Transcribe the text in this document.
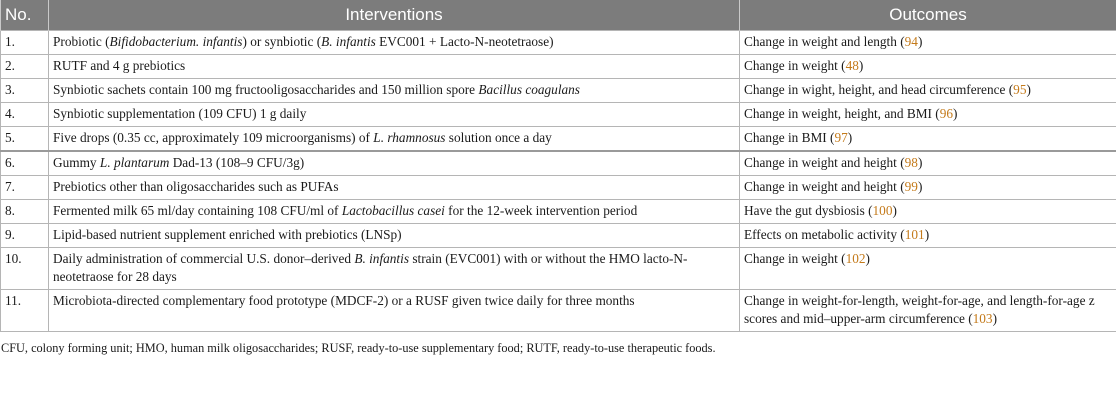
No.	Interventions	Outcomes
1.	Probiotic (Bifidobacterium. infantis) or synbiotic (B. infantis EVC001 + Lacto-N-neotetraose)	Change in weight and length (94)
2.	RUTF and 4 g prebiotics	Change in weight (48)
3.	Synbiotic sachets contain 100 mg fructooligosaccharides and 150 million spore Bacillus coagulans	Change in wight, height, and head circumference (95)
4.	Synbiotic supplementation (109 CFU) 1 g daily	Change in weight, height, and BMI (96)
5.	Five drops (0.35 cc, approximately 109 microorganisms) of L. rhamnosus solution once a day	Change in BMI (97)
6.	Gummy L. plantarum Dad-13 (108–9 CFU/3g)	Change in weight and height (98)
7.	Prebiotics other than oligosaccharides such as PUFAs	Change in weight and height (99)
8.	Fermented milk 65 ml/day containing 108 CFU/ml of Lactobacillus casei for the 12-week intervention period	Have the gut dysbiosis (100)
9.	Lipid-based nutrient supplement enriched with prebiotics (LNSp)	Effects on metabolic activity (101)
10.	Daily administration of commercial U.S. donor–derived B. infantis strain (EVC001) with or without the HMO lacto-N-neotetraose for 28 days	Change in weight (102)
11.	Microbiota-directed complementary food prototype (MDCF-2) or a RUSF given twice daily for three months	Change in weight-for-length, weight-for-age, and length-for-age z scores and mid–upper-arm circumference (103)
CFU, colony forming unit; HMO, human milk oligosaccharides; RUSF, ready-to-use supplementary food; RUTF, ready-to-use therapeutic foods.
